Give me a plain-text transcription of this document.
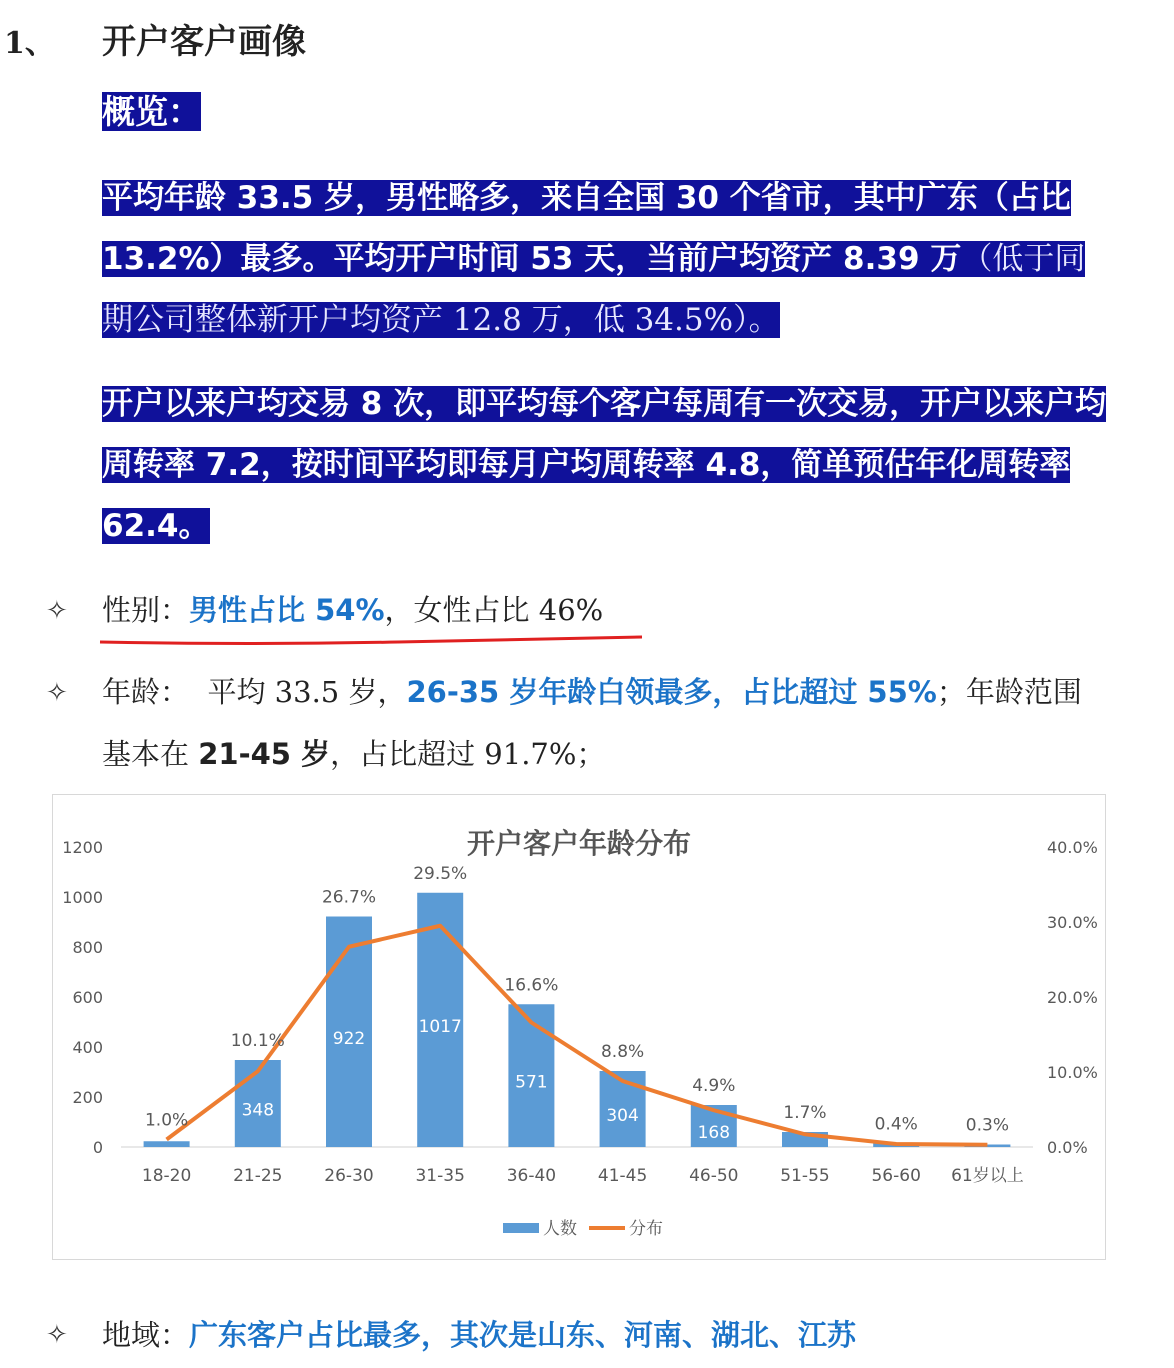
1、 开户客户画像
概览：

平均年龄 33.5 岁，男性略多，来自全国 30 个省市，其中广东（占比 13.2%）最多。平均开户时间 53 天，当前户均资产 8.39 万（低于同期公司整体新开户均资产 12.8 万，低 34.5%）。

开户以来户均交易 8 次，即平均每个客户每周有一次交易，开户以来户均周转率 7.2，按时间平均即每月户均周转率 4.8，简单预估年化周转率 62.4。

✧ 性别：男性占比 54%，女性占比 46%
✧ 年龄： 平均 33.5 岁，26-35 岁年龄白领最多，占比超过 55%；年龄范围
基本在 21-45 岁，占比超过 91.7%；
开户客户年龄分布
0
200
400
600
800
1000
1200
0.0%
10.0%
20.0%
30.0%
40.0%
18-20
348
21-25
922
26-30
1017
31-35
571
36-40
304
41-45
168
46-50 51-55 56-60 61岁以上
1.0%
10.1%
26.7%
29.5%
16.6%
8.8%
4.9%
1.7%
0.4%	0.3%
人数	分布
✧ 地域：广东客户占比最多，其次是山东、河南、湖北、江苏
